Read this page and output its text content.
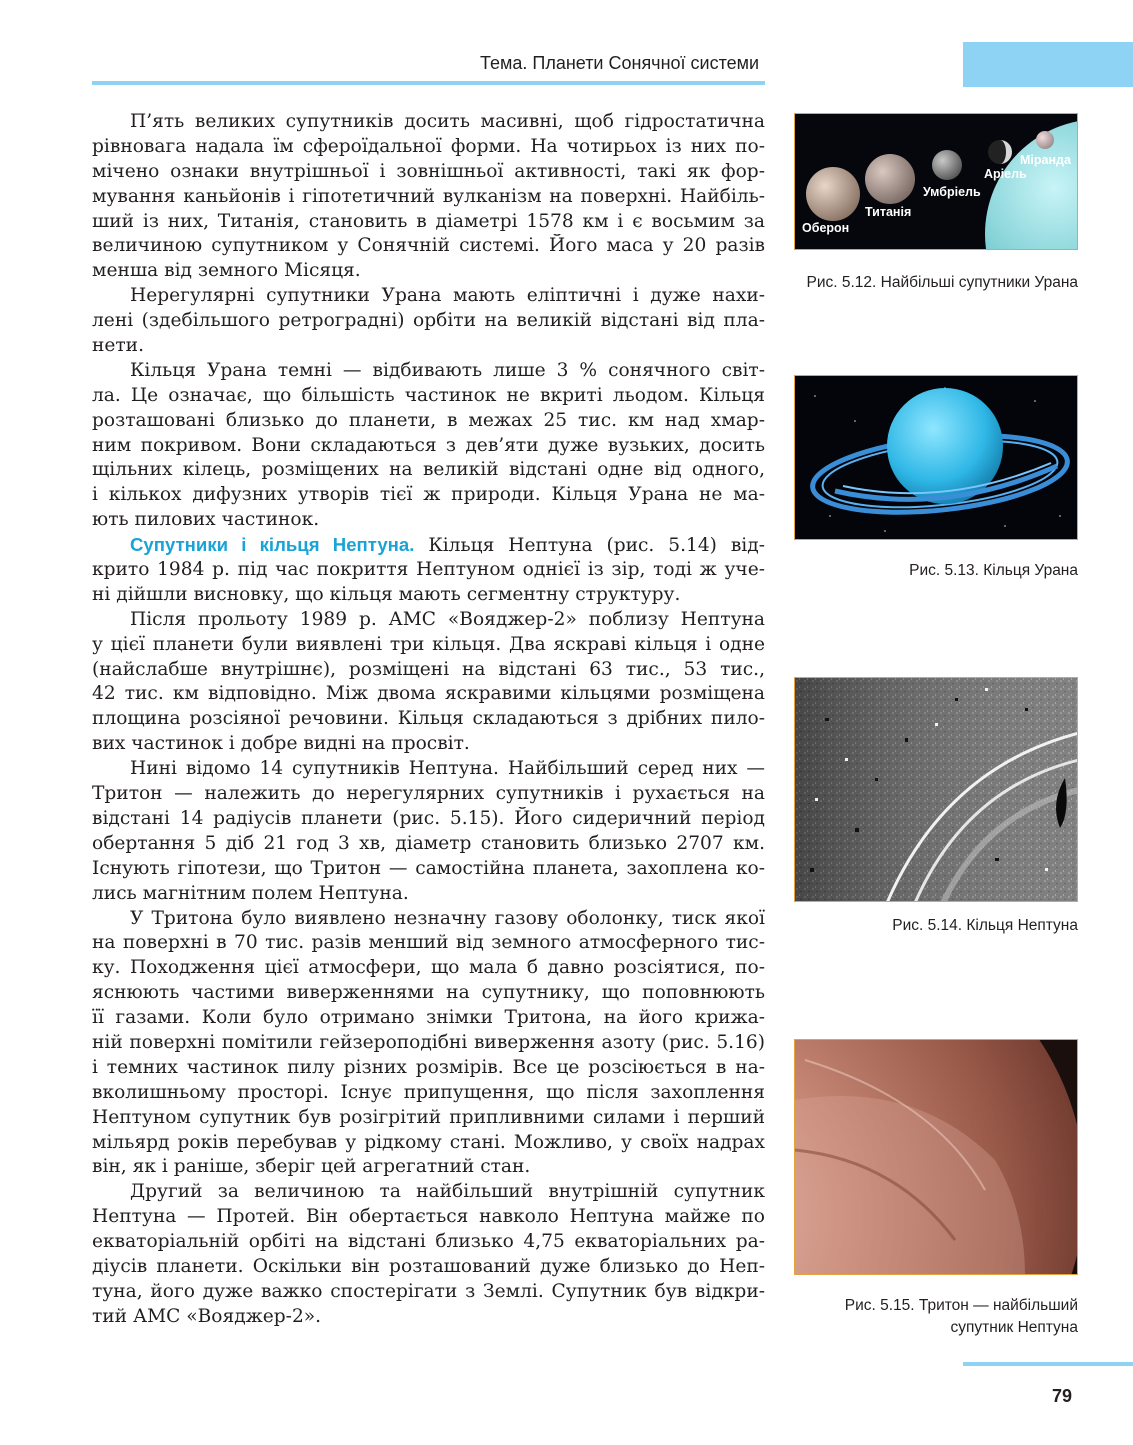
Тема. Планети Сонячної системи
П’ять великих супутників досить масивні, щоб гідростатична
рівновага надала їм сфероїдальної форми. На чотирьох із них по-
мічено ознаки внутрішньої і зовнішньої активності, такі як фор-
мування каньйонів і гіпотетичний вулканізм на поверхні. Найбіль-
ший із них, Титанія, становить в діаметрі 1578 км і є восьмим за
величиною супутником у Сонячній системі. Його маса у 20 разів
менша від земного Місяця.
Нерегулярні супутники Урана мають еліптичні і дуже нахи-
лені (здебільшого ретроградні) орбіти на великій відстані від пла-
нети.
Кільця Урана темні — відбивають лише 3 % сонячного світ-
ла. Це означає, що більшість частинок не вкриті льодом. Кільця
розташовані близько до планети, в межах 25 тис. км над хмар-
ним покривом. Вони складаються з дев’яти дуже вузьких, досить
щільних кілець, розміщених на великій відстані одне від одного,
і кількох дифузних утворів тієї ж природи. Кільця Урана не ма-
ють пилових частинок.
Супутники і кільця Нептуна. Кільця Нептуна (рис. 5.14) від-
крито 1984 р. під час покриття Нептуном однієї із зір, тоді ж уче-
ні дійшли висновку, що кільця мають сегментну структуру.
Після прольоту 1989 р. АМС «Вояджер-2» поблизу Нептуна
у цієї планети були виявлені три кільця. Два яскраві кільця і одне
(найслабше внутрішнє), розміщені на відстані 63 тис., 53 тис.,
42 тис. км відповідно. Між двома яскравими кільцями розміщена
площина розсіяної речовини. Кільця складаються з дрібних пило-
вих частинок і добре видні на просвіт.
Нині відомо 14 супутників Нептуна. Найбільший серед них —
Тритон — належить до нерегулярних супутників і рухається на
відстані 14 радіусів планети (рис. 5.15). Його сидеричний період
обертання 5 діб 21 год 3 хв, діаметр становить близько 2707 км.
Існують гіпотези, що Тритон — самостійна планета, захоплена ко-
лись магнітним полем Нептуна.
У Тритона було виявлено незначну газову оболонку, тиск якої
на поверхні в 70 тис. разів менший від земного атмосферного тис-
ку. Походження цієї атмосфери, що мала б давно розсіятися, по-
яснюють частими виверженнями на супутнику, що поповнюють
її газами. Коли було отримано знімки Тритона, на його крижа-
ній поверхні помітили гейзероподібні виверження азоту (рис. 5.16)
і темних частинок пилу різних розмірів. Все це розсіюється в на-
вколишньому просторі. Існує припущення, що після захоплення
Нептуном супутник був розігрітий припливними силами і перший
мільярд років перебував у рідкому стані. Можливо, у своїх надрах
він, як і раніше, зберіг цей агрегатний стан.
Другий за величиною та найбільший внутрішній супутник
Нептуна — Протей. Він обертається навколо Нептуна майже по
екваторіальній орбіті на відстані близько 4,75 екваторіальних ра-
діусів планети. Оскільки він розташований дуже близько до Неп-
туна, його дуже важко спостерігати з Землі. Супутник був відкри-
тий АМС «Вояджер-2».
Оберон
Титанія
Умбріель
Аріель
Міранда
Рис. 5.12. Найбільші супутники Урана
Рис. 5.13. Кільця Урана
Рис. 5.14. Кільця Нептуна
Рис. 5.15. Тритон — найбільший
супутник Нептуна
79
